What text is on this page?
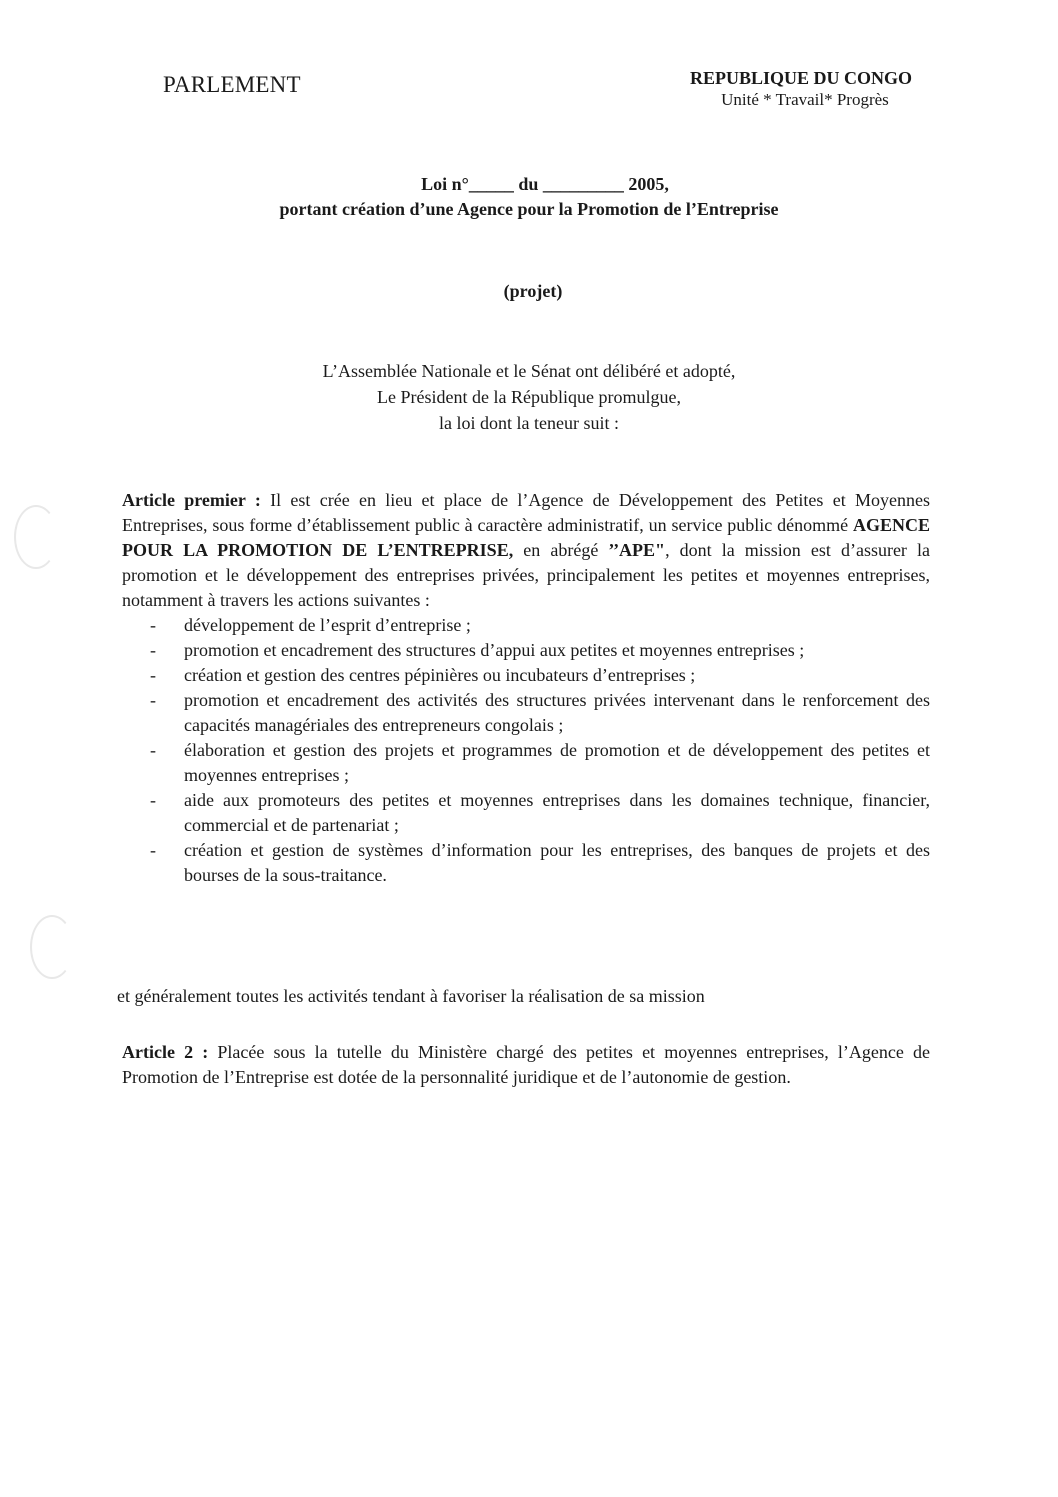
PARLEMENT	REPUBLIQUE DU CONGO
Unité * Travail* Progrès
Loi n°_____ du _________ 2005,
portant création d’une Agence pour la Promotion de l’Entreprise
(projet)
L’Assemblée Nationale et le Sénat ont délibéré et adopté,
Le Président de la République promulgue,
la loi dont la teneur suit :
Article premier : Il est crée en lieu et place de l’Agence de Développement des Petites et Moyennes Entreprises, sous forme d’établissement public à caractère administratif, un service public dénommé AGENCE POUR LA PROMOTION DE L’ENTREPRISE, en abrégé ’’APE", dont la mission est d’assurer la promotion et le développement des entreprises privées, principalement les petites et moyennes entreprises, notamment à travers les actions suivantes :
- développement de l’esprit d’entreprise ;
- promotion et encadrement des structures d’appui aux petites et moyennes entreprises ;
- création et gestion des centres pépinières ou incubateurs d’entreprises ;
- promotion et encadrement des activités des structures privées intervenant dans le renforcement des capacités managériales des entrepreneurs congolais ;
- élaboration et gestion des projets et programmes de promotion et de développement des petites et moyennes entreprises ;
- aide aux promoteurs des petites et moyennes entreprises dans les domaines technique, financier, commercial et de partenariat ;
- création et gestion de systèmes d’information pour les entreprises, des banques de projets et des bourses de la sous-traitance.
et généralement toutes les activités tendant à favoriser la réalisation de sa mission
Article 2 : Placée sous la tutelle du Ministère chargé des petites et moyennes entreprises, l’Agence de Promotion de l’Entreprise est dotée de la personnalité juridique et de l’autonomie de gestion.
